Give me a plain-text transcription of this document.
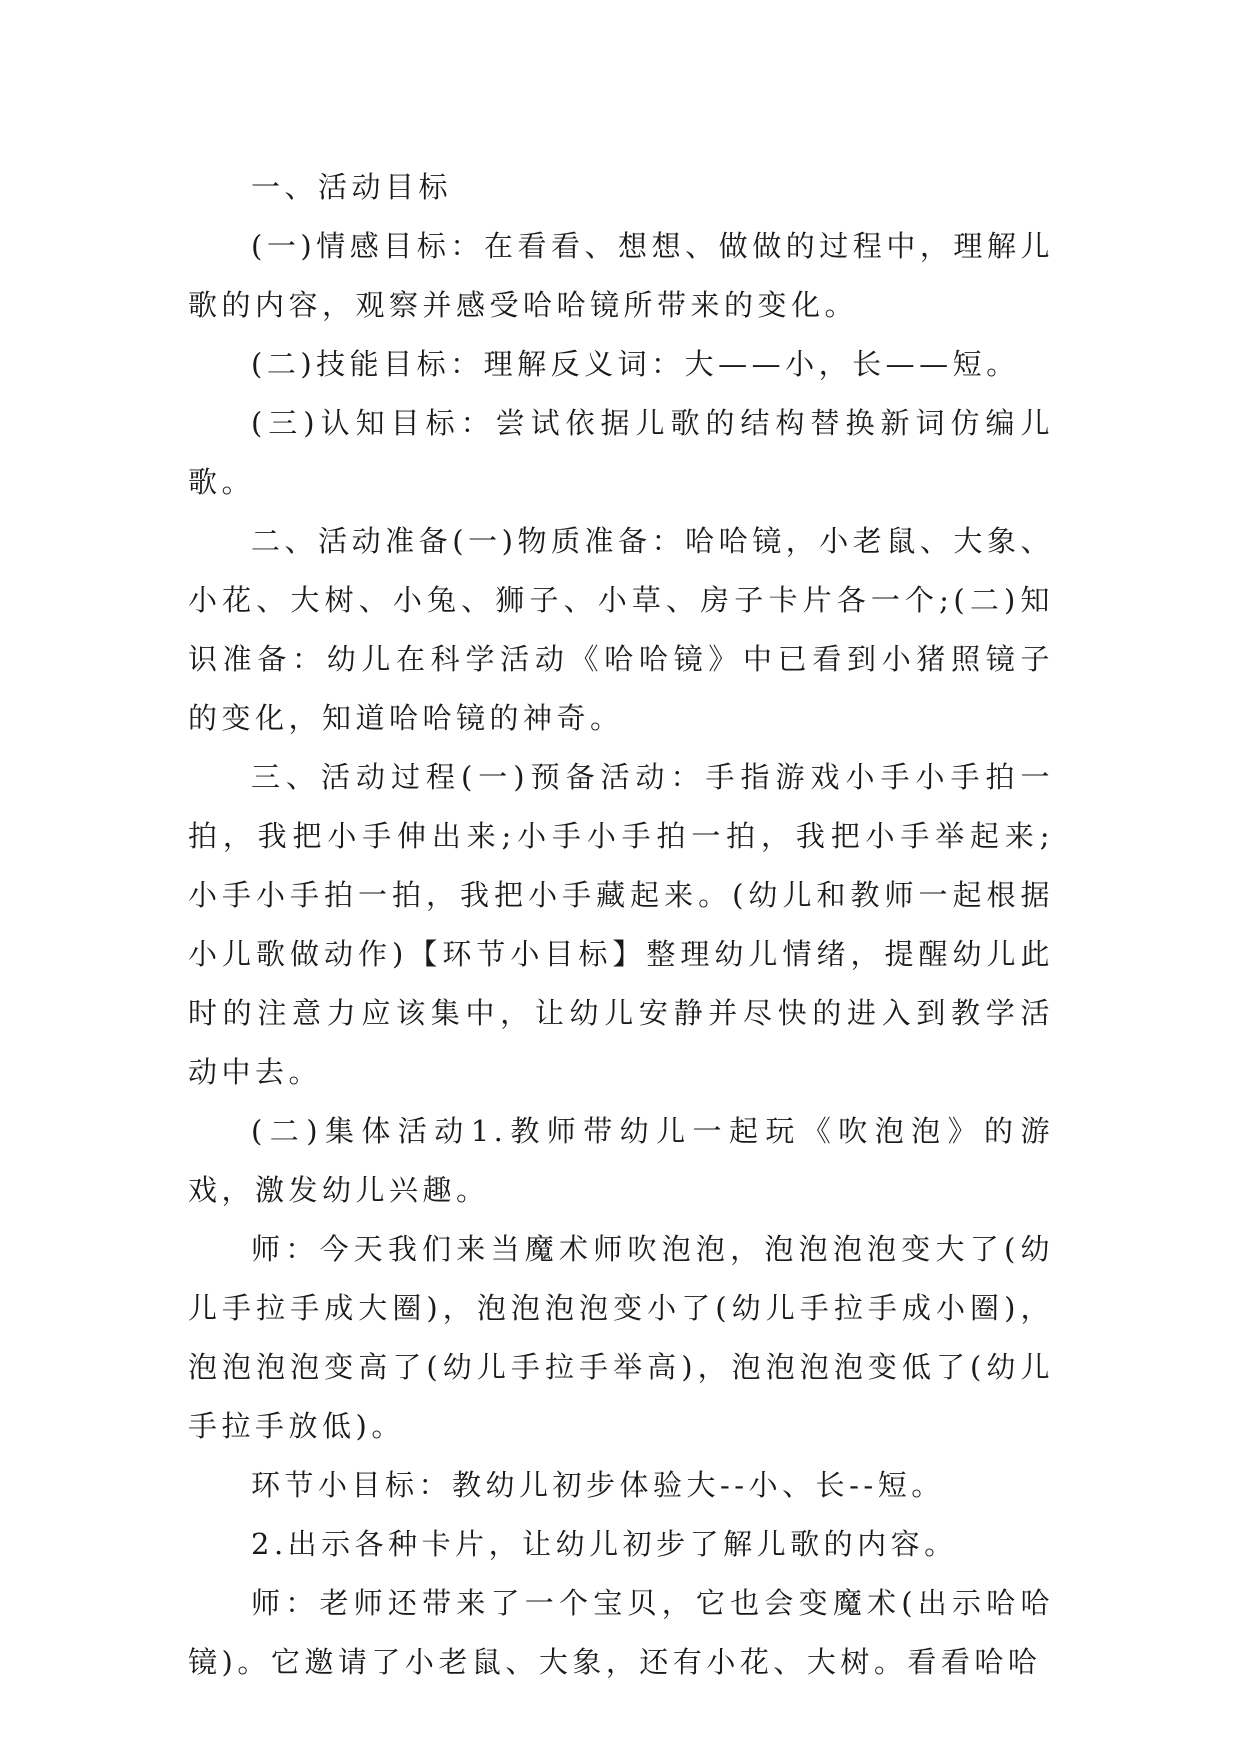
一、活动目标

(一)情感目标：在看看、想想、做做的过程中，理解儿歌的内容，观察并感受哈哈镜所带来的变化。

(二)技能目标：理解反义词：大——小，长——短。

(三)认知目标：尝试依据儿歌的结构替换新词仿编儿歌。

二、活动准备(一)物质准备：哈哈镜，小老鼠、大象、小花、大树、小兔、狮子、小草、房子卡片各一个;(二)知识准备：幼儿在科学活动《哈哈镜》中已看到小猪照镜子的变化，知道哈哈镜的神奇。

三、活动过程(一)预备活动：手指游戏小手小手拍一拍，我把小手伸出来;小手小手拍一拍，我把小手举起来;小手小手拍一拍，我把小手藏起来。(幼儿和教师一起根据小儿歌做动作)【环节小目标】整理幼儿情绪，提醒幼儿此时的注意力应该集中，让幼儿安静并尽快的进入到教学活动中去。

(二)集体活动1.教师带幼儿一起玩《吹泡泡》的游戏，激发幼儿兴趣。

师：今天我们来当魔术师吹泡泡，泡泡泡泡变大了(幼儿手拉手成大圈)，泡泡泡泡变小了(幼儿手拉手成小圈)，泡泡泡泡变高了(幼儿手拉手举高)，泡泡泡泡变低了(幼儿手拉手放低)。

环节小目标：教幼儿初步体验大--小、长--短。

2.出示各种卡片，让幼儿初步了解儿歌的内容。

师：老师还带来了一个宝贝，它也会变魔术(出示哈哈镜)。它邀请了小老鼠、大象，还有小花、大树。看看哈哈
